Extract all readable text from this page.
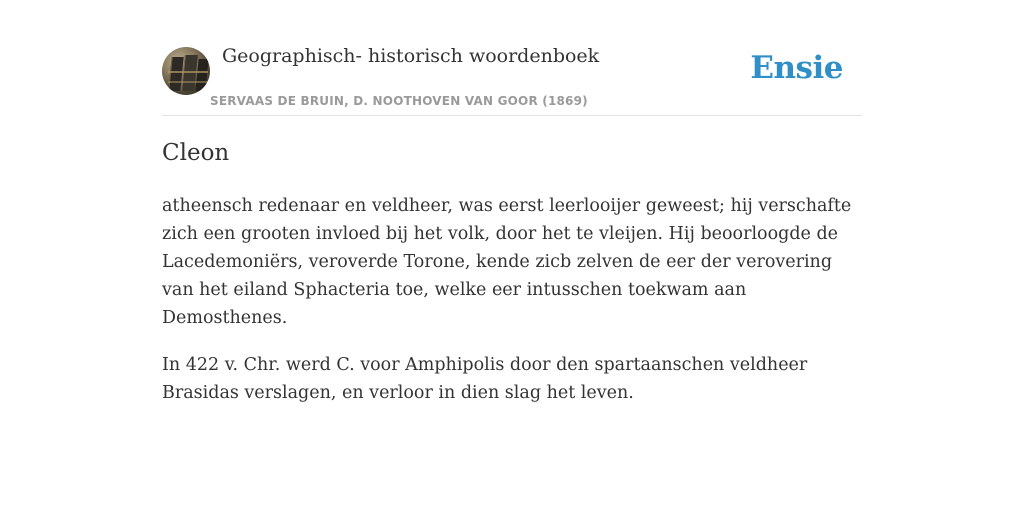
Geographisch- historisch woordenboek
SERVAAS DE BRUIN, D. NOOTHOVEN VAN GOOR (1869)
Ensie
Cleon

atheensch redenaar en veldheer, was eerst leerlooijer geweest; hij verschafte zich een grooten invloed bij het volk, door het te vleijen. Hij beoorloogde de Lacedemoniërs, veroverde Torone, kende zicb zelven de eer der verovering van het eiland Sphacteria toe, welke eer intusschen toekwam aan Demosthenes.

In 422 v. Chr. werd C. voor Amphipolis door den spartaanschen veldheer Brasidas verslagen, en verloor in dien slag het leven.
